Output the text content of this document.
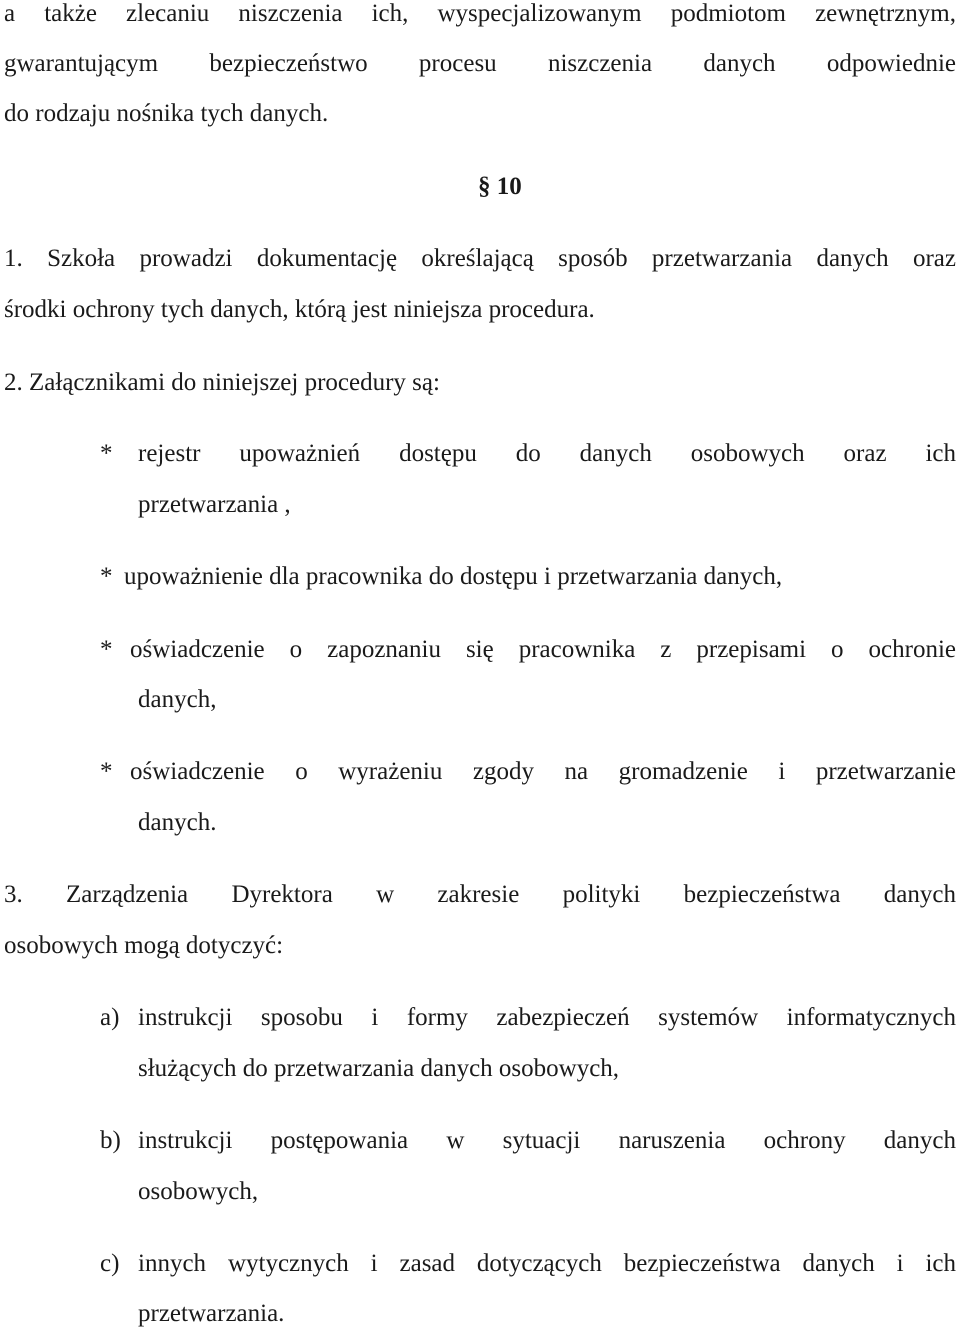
a także zlecaniu niszczenia ich, wyspecjalizowanym podmiotom zewnętrznym,
gwarantującym bezpieczeństwo procesu niszczenia danych odpowiednie
do rodzaju nośnika tych danych.
§ 10
1. Szkoła prowadzi dokumentację określającą sposób przetwarzania danych oraz
środki ochrony tych danych, którą jest niniejsza procedura.
2. Załącznikami do niniejszej procedury są:
* rejestr upoważnień dostępu do danych osobowych oraz ich
przetwarzania ,
* upoważnienie dla pracownika do dostępu i przetwarzania danych,
* oświadczenie o zapoznaniu się pracownika z przepisami o ochronie
danych,
* oświadczenie o wyrażeniu zgody na gromadzenie i przetwarzanie
danych.
3. Zarządzenia Dyrektora w zakresie polityki bezpieczeństwa danych
osobowych mogą dotyczyć:
a) instrukcji sposobu i formy zabezpieczeń systemów informatycznych
służących do przetwarzania danych osobowych,
b) instrukcji postępowania w sytuacji naruszenia ochrony danych
osobowych,
c) innych wytycznych i zasad dotyczących bezpieczeństwa danych i ich
przetwarzania.
